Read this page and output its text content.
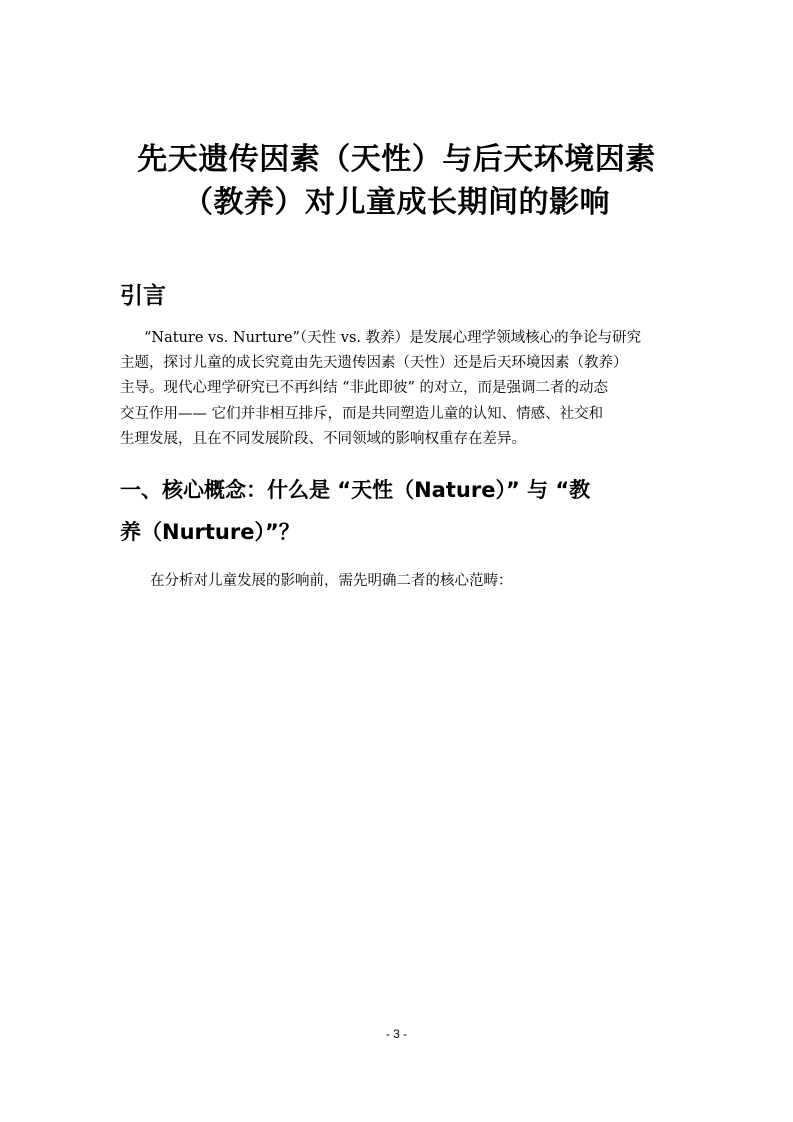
先天遗传因素（天性）与后天环境因素
（教养）对儿童成长期间的影响
引言
“Nature vs. Nurture”（天性 vs. 教养）是发展心理学领域核心的争论与研究
主题，探讨儿童的成长究竟由先天遗传因素（天性）还是后天环境因素（教养）
主导。现代心理学研究已不再纠结 “非此即彼” 的对立，而是强调二者的动态
交互作用—— 它们并非相互排斥，而是共同塑造儿童的认知、情感、社交和
生理发展，且在不同发展阶段、不同领域的影响权重存在差异。
一、核心概念：什么是 “天性（Nature）” 与 “教
养（Nurture）”？

在分析对儿童发展的影响前，需先明确二者的核心范畴：

- 3 -
